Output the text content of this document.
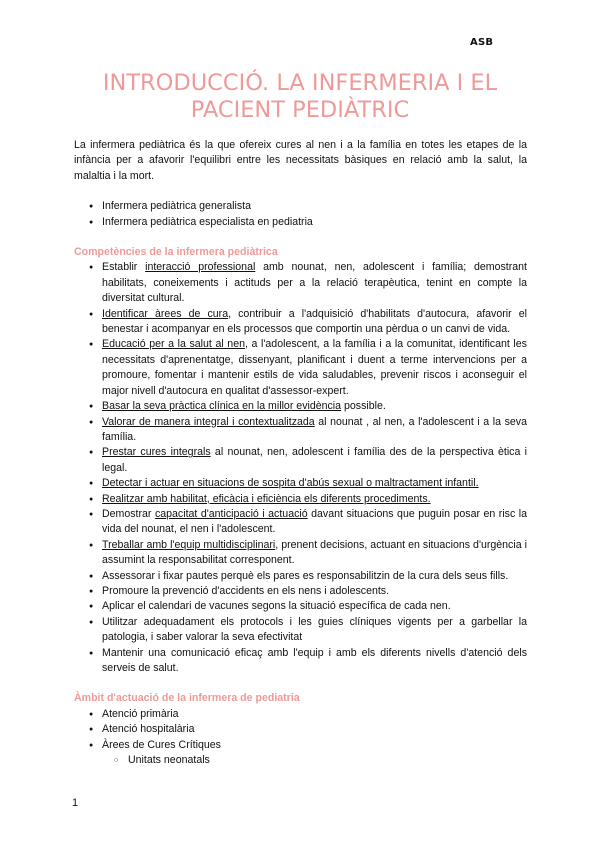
ASB
INTRODUCCIÓ. LA INFERMERIA I EL
PACIENT PEDIÀTRIC

La infermera pediàtrica és la que ofereix cures al nen i a la família en totes les etapes de la infància per a afavorir l'equilibri entre les necessitats bàsiques en relació amb la salut, la malaltia i la mort.

● Infermera pediàtrica generalista
● Infermera pediàtrica especialista en pediatria
Competències de la infermera pediàtrica
● Establir interacció professional amb nounat, nen, adolescent i família; demostrant habilitats, coneixements i actituds per a la relació terapèutica, tenint en compte la diversitat cultural.
● Identificar àrees de cura, contribuir a l'adquisició d'habilitats d'autocura, afavorir el benestar i acompanyar en els processos que comportin una pèrdua o un canvi de vida.
● Educació per a la salut al nen, a l'adolescent, a la família i a la comunitat, identificant les necessitats d'aprenentatge, dissenyant, planificant i duent a terme intervencions per a promoure, fomentar i mantenir estils de vida saludables, prevenir riscos i aconseguir el major nivell d'autocura en qualitat d'assessor-expert.
● Basar la seva pràctica clínica en la millor evidència possible.
● Valorar de manera integral i contextualitzada al nounat , al nen, a l'adolescent i a la seva família.
● Prestar cures integrals al nounat, nen, adolescent i família des de la perspectiva ètica i legal.
● Detectar i actuar en situacions de sospita d'abús sexual o maltractament infantil.
● Realitzar amb habilitat, eficàcia i eficiència els diferents procediments.
● Demostrar capacitat d'anticipació i actuació davant situacions que puguin posar en risc la vida del nounat, el nen i l'adolescent.
● Treballar amb l'equip multidisciplinari, prenent decisions, actuant en situacions d'urgència i assumint la responsabilitat corresponent.
● Assessorar i fixar pautes perquè els pares es responsabilitzin de la cura dels seus fills.
● Promoure la prevenció d'accidents en els nens i adolescents.
● Aplicar el calendari de vacunes segons la situació específica de cada nen.
● Utilitzar adequadament els protocols i les guies clíniques vigents per a garbellar la patologia, i saber valorar la seva efectivitat
● Mantenir una comunicació eficaç amb l'equip i amb els diferents nivells d'atenció dels serveis de salut.
Àmbit d'actuació de la infermera de pediatria
● Atenció primària
● Atenció hospitalària
● Àrees de Cures Crítiques
○ Unitats neonatals
1
